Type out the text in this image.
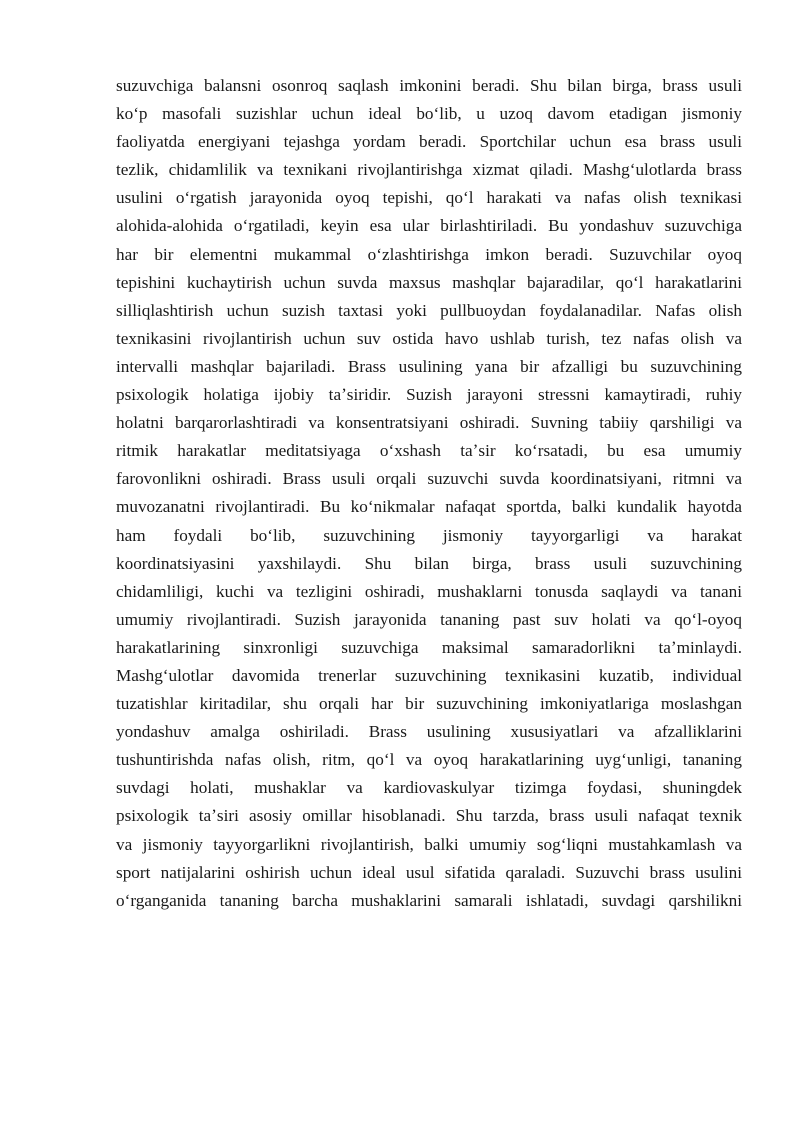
suzuvchiga balansni osonroq saqlash imkonini beradi. Shu bilan birga, brass usuli
koʻp masofali suzishlar uchun ideal boʻlib, u uzoq davom etadigan jismoniy
faoliyatda energiyani tejashga yordam beradi. Sportchilar uchun esa brass usuli
tezlik, chidamlilik va texnikani rivojlantirishga xizmat qiladi. Mashgʻulotlarda brass
usulini oʻrgatish jarayonida oyoq tepishi, qoʻl harakati va nafas olish texnikasi
alohida-alohida oʻrgatiladi, keyin esa ular birlashtiriladi. Bu yondashuv suzuvchiga
har bir elementni mukammal oʻzlashtirishga imkon beradi. Suzuvchilar oyoq
tepishini kuchaytirish uchun suvda maxsus mashqlar bajaradilar, qoʻl harakatlarini
silliqlashtirish uchun suzish taxtasi yoki pullbuoydan foydalanadilar. Nafas olish
texnikasini rivojlantirish uchun suv ostida havo ushlab turish, tez nafas olish va
intervalli mashqlar bajariladi. Brass usulining yana bir afzalligi bu suzuvchining
psixologik holatiga ijobiy taʼsiridir. Suzish jarayoni stressni kamaytiradi, ruhiy
holatni barqarorlashtiradi va konsentratsiyani oshiradi. Suvning tabiiy qarshiligi va
ritmik harakatlar meditatsiyaga oʻxshash taʼsir koʻrsatadi, bu esa umumiy
farovonlikni oshiradi. Brass usuli orqali suzuvchi suvda koordinatsiyani, ritmni va
muvozanatni rivojlantiradi. Bu koʻnikmalar nafaqat sportda, balki kundalik hayotda
ham foydali boʻlib, suzuvchining jismoniy tayyorgarligi va harakat
koordinatsiyasini yaxshilaydi. Shu bilan birga, brass usuli suzuvchining
chidamliligi, kuchi va tezligini oshiradi, mushaklarni tonusda saqlaydi va tanani
umumiy rivojlantiradi. Suzish jarayonida tananing past suv holati va qoʻl-oyoq
harakatlarining sinxronligi suzuvchiga maksimal samaradorlikni taʼminlaydi.
Mashgʻulotlar davomida trenerlar suzuvchining texnikasini kuzatib, individual
tuzatishlar kiritadilar, shu orqali har bir suzuvchining imkoniyatlariga moslashgan
yondashuv amalga oshiriladi. Brass usulining xususiyatlari va afzalliklarini
tushuntirishda nafas olish, ritm, qoʻl va oyoq harakatlarining uygʻunligi, tananing
suvdagi holati, mushaklar va kardiovaskulyar tizimga foydasi, shuningdek
psixologik taʼsiri asosiy omillar hisoblanadi. Shu tarzda, brass usuli nafaqat texnik
va jismoniy tayyorgarlikni rivojlantirish, balki umumiy sogʻliqni mustahkamlash va
sport natijalarini oshirish uchun ideal usul sifatida qaraladi. Suzuvchi brass usulini
oʻrganganida tananing barcha mushaklarini samarali ishlatadi, suvdagi qarshilikni
